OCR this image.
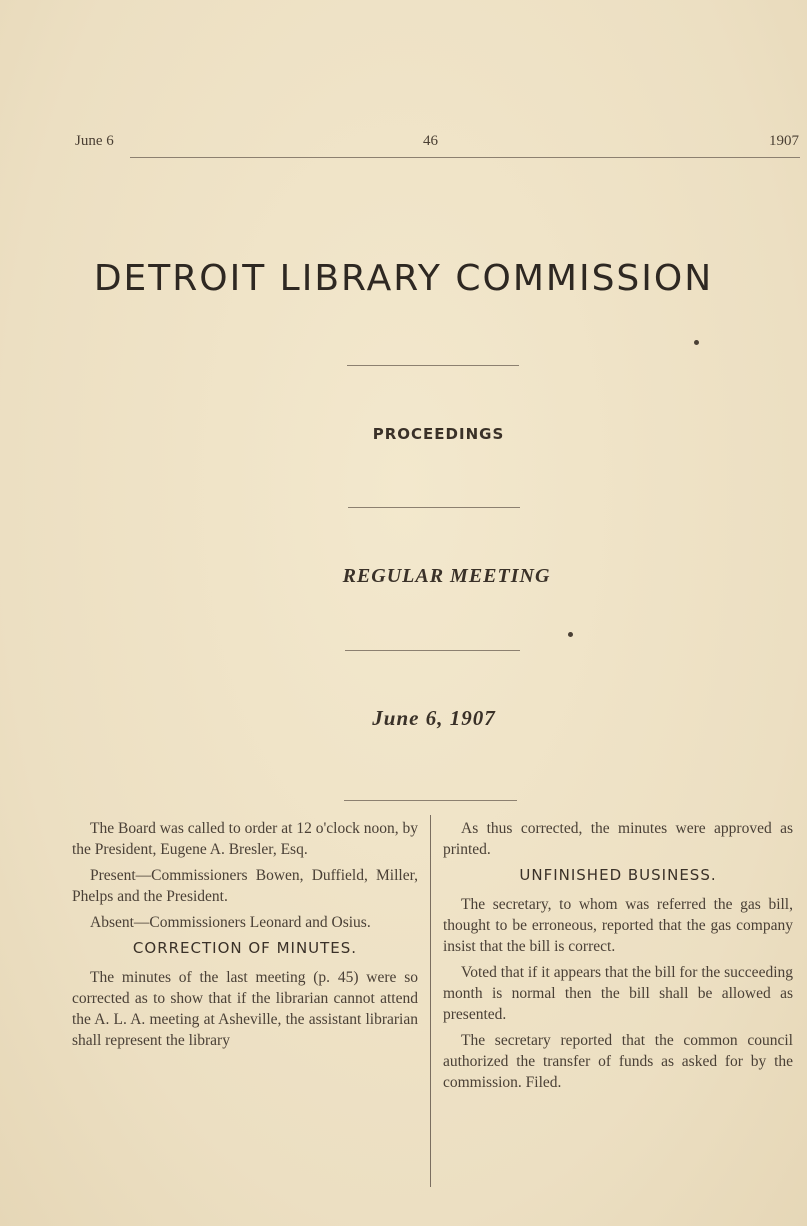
June 6	46	1907
DETROIT LIBRARY COMMISSION
PROCEEDINGS
REGULAR MEETING
June 6, 1907

The Board was called to order at 12 o'clock noon, by the President, Eugene A. Bresler, Esq.

Present—Commissioners Bowen, Duffield, Miller, Phelps and the President.

Absent—Commissioners Leonard and Osius.

CORRECTION OF MINUTES.

The minutes of the last meeting (p. 45) were so corrected as to show that if the librarian cannot attend the A. L. A. meeting at Asheville, the assistant librarian shall represent the library

As thus corrected, the minutes were approved as printed.

UNFINISHED BUSINESS.

The secretary, to whom was referred the gas bill, thought to be erroneous, reported that the gas company insist that the bill is correct.

Voted that if it appears that the bill for the succeeding month is normal then the bill shall be allowed as presented.

The secretary reported that the common council authorized the transfer of funds as asked for by the commission. Filed.
